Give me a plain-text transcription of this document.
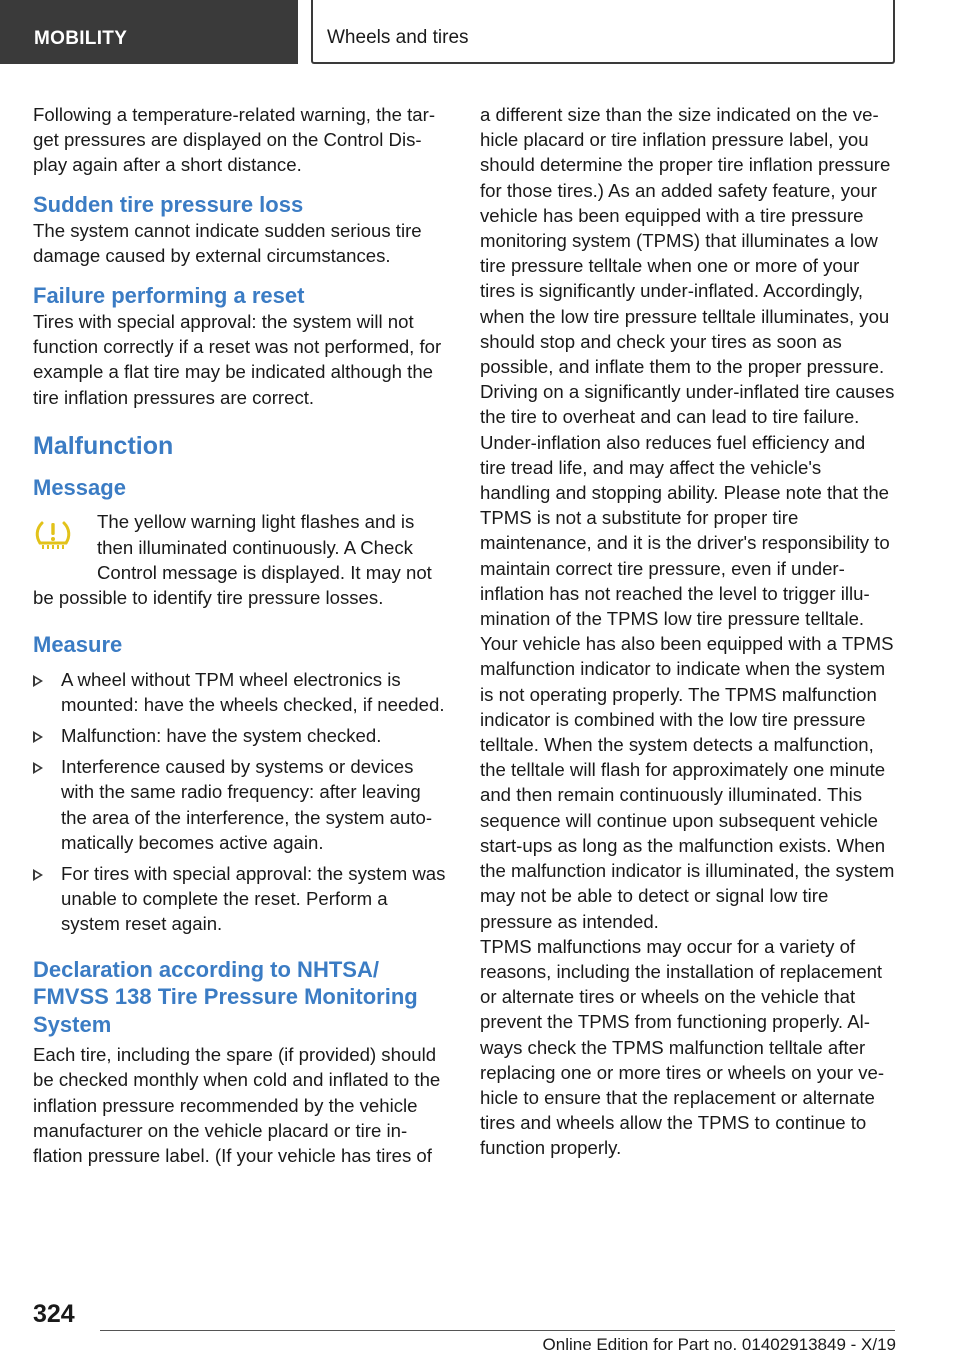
MOBILITY	Wheels and tires

Following a temperature-related warning, the target pressures are displayed on the Control Display again after a short distance.

Sudden tire pressure loss

The system cannot indicate sudden serious tire damage caused by external circumstances.

Failure performing a reset

Tires with special approval: the system will not function correctly if a reset was not performed, for example a flat tire may be indicated although the tire inflation pressures are correct.

Malfunction
Message

The yellow warning light flashes and is then illuminated continuously. A Check Control message is displayed. It may not

be possible to identify tire pressure losses.

Measure
A wheel without TPM wheel electronics is mounted: have the wheels checked, if needed.
Malfunction: have the system checked.
Interference caused by systems or devices with the same radio frequency: after leaving the area of the interference, the system automatically becomes active again.
For tires with special approval: the system was unable to complete the reset. Perform a system reset again.
Declaration according to NHTSA/ FMVSS 138 Tire Pressure Monitoring System

Each tire, including the spare (if provided) should be checked monthly when cold and inflated to the inflation pressure recommended by the vehicle manufacturer on the vehicle placard or tire inflation pressure label. (If your vehicle has tires of

a different size than the size indicated on the vehicle placard or tire inflation pressure label, you should determine the proper tire inflation pressure for those tires.) As an added safety feature, your vehicle has been equipped with a tire pressure monitoring system (TPMS) that illuminates a low tire pressure telltale when one or more of your tires is significantly under-inflated. Accordingly, when the low tire pressure telltale illuminates, you should stop and check your tires as soon as possible, and inflate them to the proper pressure. Driving on a significantly under-inflated tire causes the tire to overheat and can lead to tire failure. Under-inflation also reduces fuel efficiency and tire tread life, and may affect the vehicle's handling and stopping ability. Please note that the TPMS is not a substitute for proper tire maintenance, and it is the driver's responsibility to maintain correct tire pressure, even if under-inflation has not reached the level to trigger illumination of the TPMS low tire pressure telltale.

Your vehicle has also been equipped with a TPMS malfunction indicator to indicate when the system is not operating properly. The TPMS malfunction indicator is combined with the low tire pressure telltale. When the system detects a malfunction, the telltale will flash for approximately one minute and then remain continuously illuminated. This sequence will continue upon subsequent vehicle start-ups as long as the malfunction exists. When the malfunction indicator is illuminated, the system may not be able to detect or signal low tire pressure as intended.

TPMS malfunctions may occur for a variety of reasons, including the installation of replacement or alternate tires or wheels on the vehicle that prevent the TPMS from functioning properly. Always check the TPMS malfunction telltale after replacing one or more tires or wheels on your vehicle to ensure that the replacement or alternate tires and wheels allow the TPMS to continue to function properly.

324
Online Edition for Part no. 01402913849 - X/19
